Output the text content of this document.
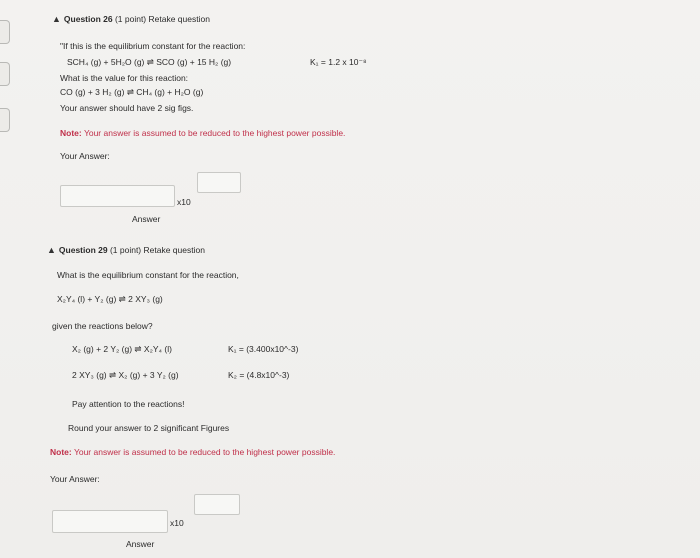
▲ Question 26 (1 point) Retake question
"If this is the equilibrium constant for the reaction:
SCH₄ (g) + 5H₂O (g) ⇌ SCO (g) + 15 H₂ (g)	K₁ = 1.2 x 10⁻⁸
What is the value for this reaction:
CO (g) + 3 H₂ (g) ⇌ CH₄ (g) + H₂O (g)
Your answer should have 2 sig figs.
Note: Your answer is assumed to be reduced to the highest power possible.
Your Answer:
x10
Answer
▲ Question 29 (1 point) Retake question
What is the equilibrium constant for the reaction,
X₂Y₄ (l) + Y₂ (g) ⇌ 2 XY₃ (g)
given the reactions below?
X₂ (g) + 2 Y₂ (g) ⇌ X₂Y₄ (l)	K₁ = (3.400x10^-3)
2 XY₃ (g) ⇌ X₂ (g) + 3 Y₂ (g)	K₂ = (4.8x10^-3)
Pay attention to the reactions!
Round your answer to 2 significant Figures
Note: Your answer is assumed to be reduced to the highest power possible.
Your Answer:
x10
Answer
